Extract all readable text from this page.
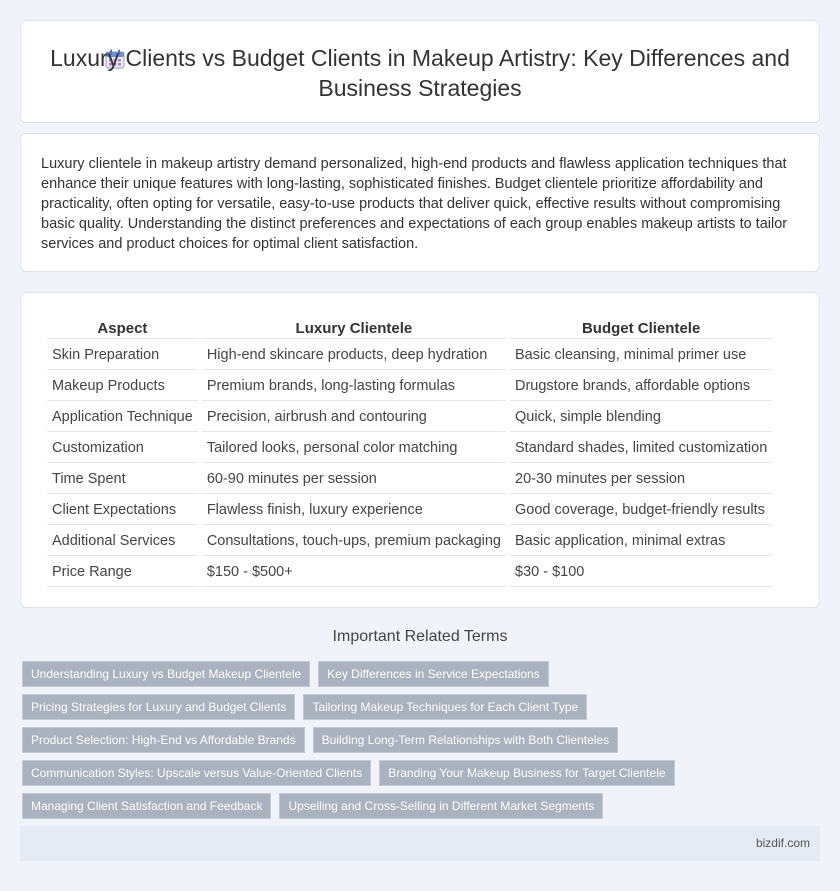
Luxury Clients vs Budget Clients in Makeup Artistry: Key Differences and Business Strategies

Luxury clientele in makeup artistry demand personalized, high-end products and flawless application techniques that enhance their unique features with long-lasting, sophisticated finishes. Budget clientele prioritize affordability and practicality, often opting for versatile, easy-to-use products that deliver quick, effective results without compromising basic quality. Understanding the distinct preferences and expectations of each group enables makeup artists to tailor services and product choices for optimal client satisfaction.

Aspect	Luxury Clientele	Budget Clientele
Skin Preparation	High-end skincare products, deep hydration	Basic cleansing, minimal primer use
Makeup Products	Premium brands, long-lasting formulas	Drugstore brands, affordable options
Application Technique	Precision, airbrush and contouring	Quick, simple blending
Customization	Tailored looks, personal color matching	Standard shades, limited customization
Time Spent	60-90 minutes per session	20-30 minutes per session
Client Expectations	Flawless finish, luxury experience	Good coverage, budget-friendly results
Additional Services	Consultations, touch-ups, premium packaging	Basic application, minimal extras
Price Range	$150 - $500+	$30 - $100
Important Related Terms
Understanding Luxury vs Budget Makeup Clientele	Key Differences in Service Expectations
Pricing Strategies for Luxury and Budget Clients	Tailoring Makeup Techniques for Each Client Type
Product Selection: High-End vs Affordable Brands	Building Long-Term Relationships with Both Clienteles
Communication Styles: Upscale versus Value-Oriented Clients	Branding Your Makeup Business for Target Clientele
Managing Client Satisfaction and Feedback	Upselling and Cross-Selling in Different Market Segments
bizdif.com
